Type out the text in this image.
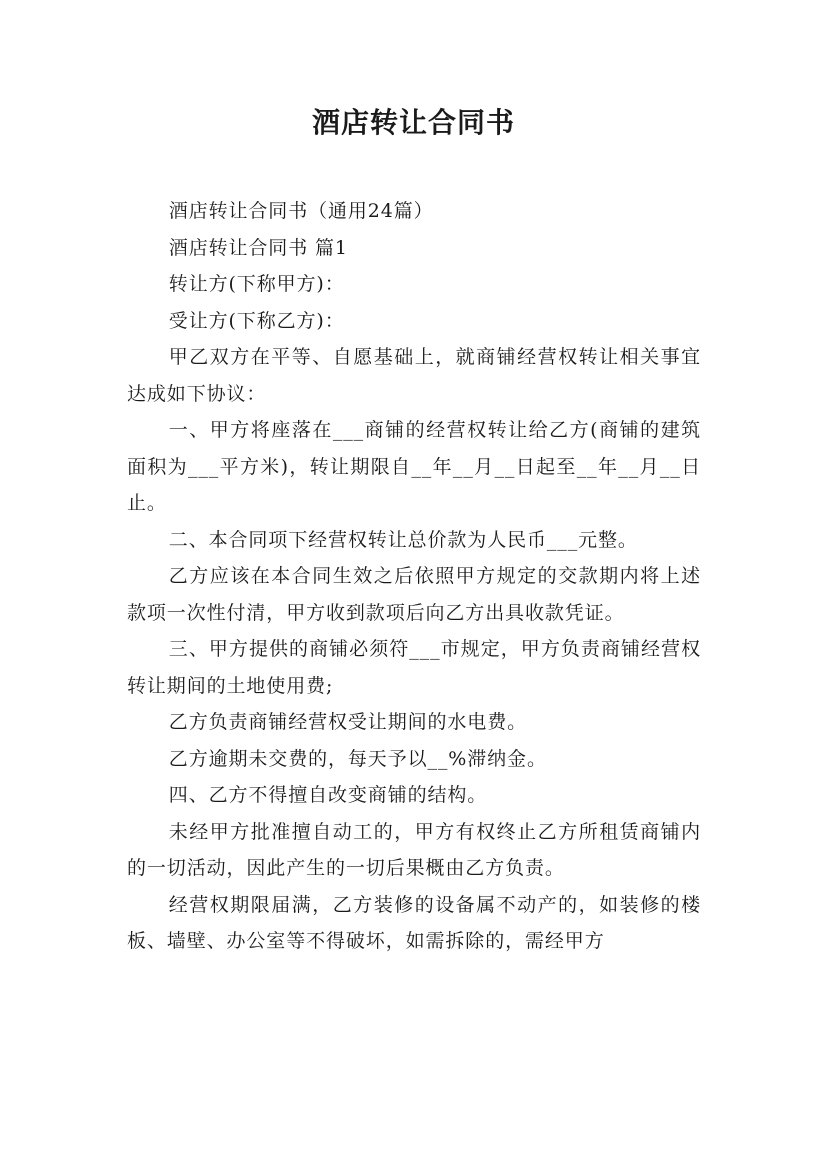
酒店转让合同书

酒店转让合同书（通用24篇）

酒店转让合同书 篇1

转让方(下称甲方)：

受让方(下称乙方)：

甲乙双方在平等、自愿基础上，就商铺经营权转让相关事宜达成如下协议：

一、甲方将座落在___商铺的经营权转让给乙方(商铺的建筑面积为___平方米)，转让期限自__年__月__日起至__年__月__日止。

二、本合同项下经营权转让总价款为人民币___元整。

乙方应该在本合同生效之后依照甲方规定的交款期内将上述款项一次性付清，甲方收到款项后向乙方出具收款凭证。

三、甲方提供的商铺必须符___市规定，甲方负责商铺经营权转让期间的土地使用费;

乙方负责商铺经营权受让期间的水电费。

乙方逾期未交费的，每天予以__%滞纳金。

四、乙方不得擅自改变商铺的结构。

未经甲方批准擅自动工的，甲方有权终止乙方所租赁商铺内的一切活动，因此产生的一切后果概由乙方负责。

经营权期限届满，乙方装修的设备属不动产的，如装修的楼板、墙壁、办公室等不得破坏，如需拆除的，需经甲方
